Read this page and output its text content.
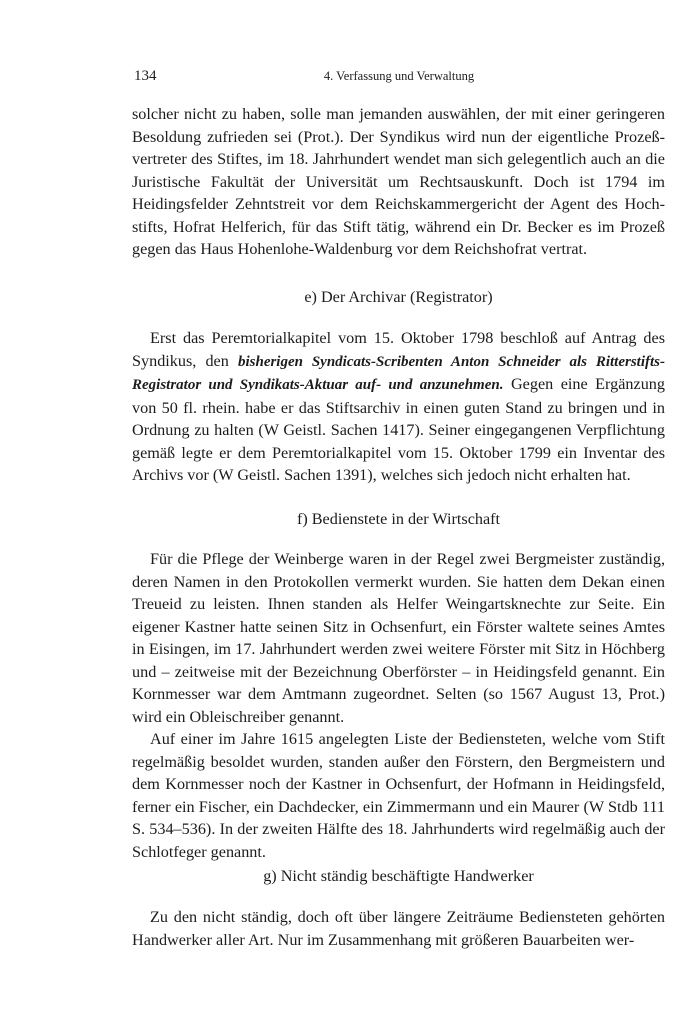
134	4. Verfassung und Verwaltung

solcher nicht zu haben, solle man jemanden auswählen, der mit einer geringeren Besoldung zufrieden sei (Prot.). Der Syndikus wird nun der eigentliche Prozeßvertreter des Stiftes, im 18. Jahrhundert wendet man sich gelegentlich auch an die Juristische Fakultät der Universität um Rechtsauskunft. Doch ist 1794 im Heidingsfelder Zehntstreit vor dem Reichskammergericht der Agent des Hochstifts, Hofrat Helferich, für das Stift tätig, während ein Dr. Becker es im Prozeß gegen das Haus Hohenlohe-Waldenburg vor dem Reichshofrat vertrat.

e) Der Archivar (Registrator)

Erst das Peremtorialkapitel vom 15. Oktober 1798 beschloß auf Antrag des Syndikus, den bisherigen Syndicats-Scribenten Anton Schneider als Ritterstifts-Registrator und Syndikats-Aktuar auf- und anzunehmen. Gegen eine Ergänzung von 50 fl. rhein. habe er das Stiftsarchiv in einen guten Stand zu bringen und in Ordnung zu halten (W Geistl. Sachen 1417). Seiner eingegangenen Verpflichtung gemäß legte er dem Peremtorialkapitel vom 15. Oktober 1799 ein Inventar des Archivs vor (W Geistl. Sachen 1391), welches sich jedoch nicht erhalten hat.

f) Bedienstete in der Wirtschaft

Für die Pflege der Weinberge waren in der Regel zwei Bergmeister zuständig, deren Namen in den Protokollen vermerkt wurden. Sie hatten dem Dekan einen Treueid zu leisten. Ihnen standen als Helfer Weingartsknechte zur Seite. Ein eigener Kastner hatte seinen Sitz in Ochsenfurt, ein Förster waltete seines Amtes in Eisingen, im 17. Jahrhundert werden zwei weitere Förster mit Sitz in Höchberg und – zeitweise mit der Bezeichnung Oberförster – in Heidingsfeld genannt. Ein Kornmesser war dem Amtmann zugeordnet. Selten (so 1567 August 13, Prot.) wird ein Obleischreiber genannt.

Auf einer im Jahre 1615 angelegten Liste der Bediensteten, welche vom Stift regelmäßig besoldet wurden, standen außer den Förstern, den Bergmeistern und dem Kornmesser noch der Kastner in Ochsenfurt, der Hofmann in Heidingsfeld, ferner ein Fischer, ein Dachdecker, ein Zimmermann und ein Maurer (W Stdb 111 S. 534–536). In der zweiten Hälfte des 18. Jahrhunderts wird regelmäßig auch der Schlotfeger genannt.

g) Nicht ständig beschäftigte Handwerker

Zu den nicht ständig, doch oft über längere Zeiträume Bediensteten gehörten Handwerker aller Art. Nur im Zusammenhang mit größeren Bauarbeiten wer-
